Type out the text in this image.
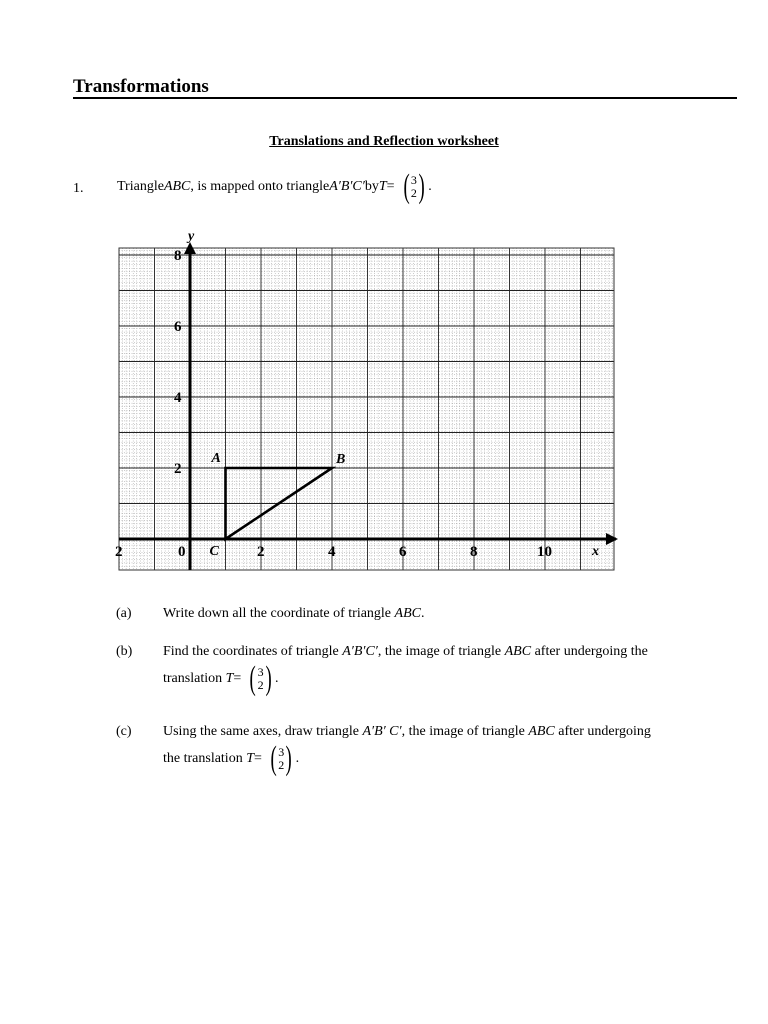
Transformations
Translations and Reflection worksheet
1. Triangle ABC , is mapped onto triangle A′B′C′ by T = ( 3
2 ) .
x
y
2	0	2	4	6	8	10
2
4
6
8
A	B
C
(a) Write down all the coordinate of triangle ABC.
(b) Find the coordinates of triangle A′B′C′, the image of triangle ABC after undergoing the
translation
T = ( 3
2 ) .
(c) Using the same axes, draw triangle A′B′ C′, the image of triangle ABC after undergoing
the translation
T = ( 3
2 ) .
